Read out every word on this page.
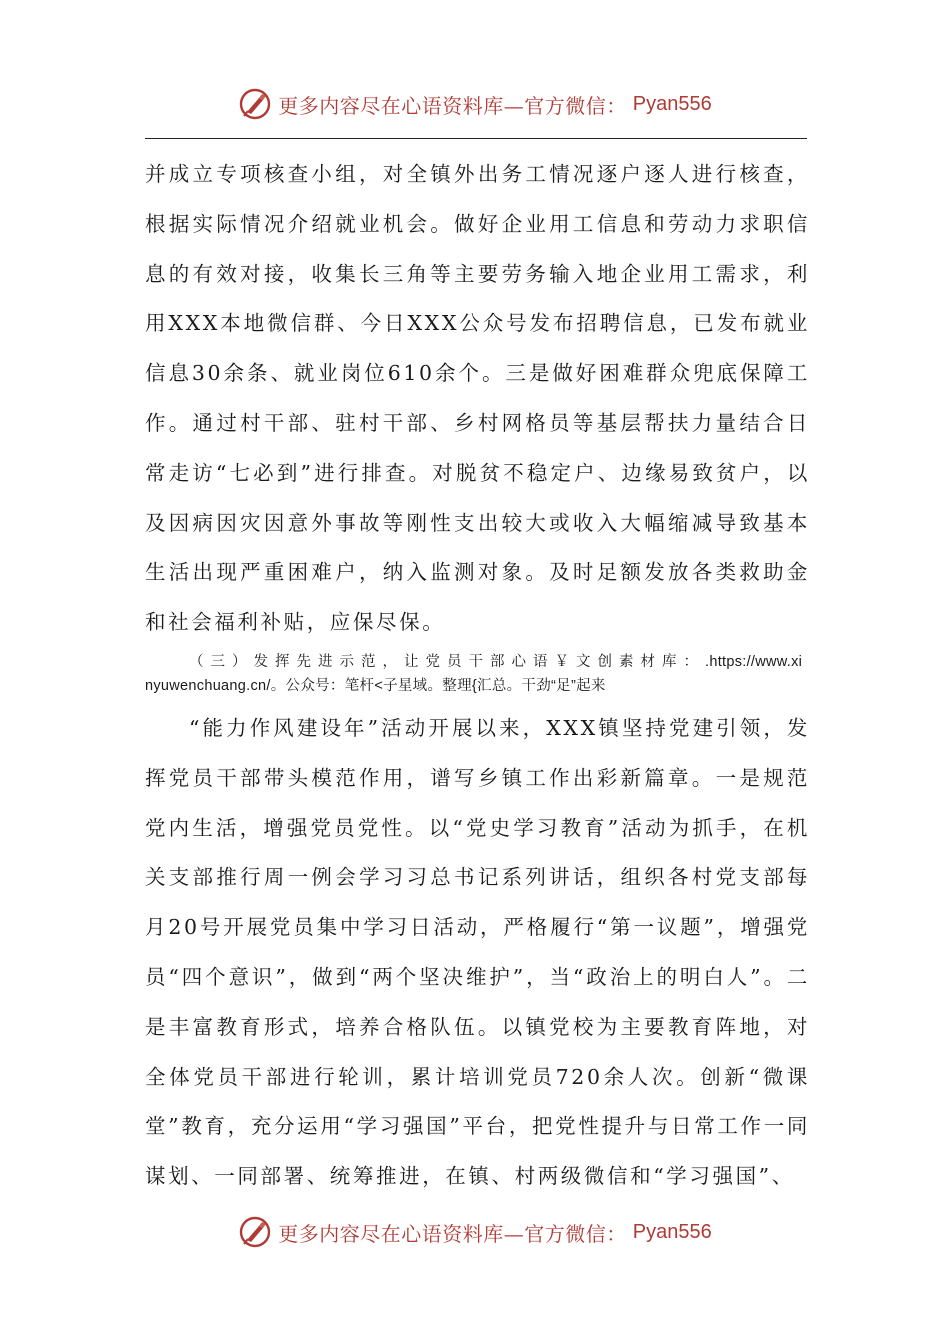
更多内容尽在心语资料库—官方微信： Pyan556

并成立专项核查小组，对全镇外出务工情况逐户逐人进行核查，根据实际情况介绍就业机会。做好企业用工信息和劳动力求职信息的有效对接，收集长三角等主要劳务输入地企业用工需求，利用XXX本地微信群、今日XXX公众号发布招聘信息，已发布就业信息30余条、就业岗位610余个。三是做好困难群众兜底保障工作。通过村干部、驻村干部、乡村网格员等基层帮扶力量结合日常走访“七必到”进行排查。对脱贫不稳定户、边缘易致贫户，以及因病因灾因意外事故等刚性支出较大或收入大幅缩减导致基本生活出现严重困难户，纳入监测对象。及时足额发放各类救助金和社会福利补贴，应保尽保。

（三）发挥先进示范，让党员干部心语￥文创素材库：.https://www.xinyuwenchuang.cn/。公众号：笔杆<子星域。整理{汇总。干劲“足”起来

“能力作风建设年”活动开展以来，XXX镇坚持党建引领，发挥党员干部带头模范作用，谱写乡镇工作出彩新篇章。一是规范党内生活，增强党员党性。以“党史学习教育”活动为抓手，在机关支部推行周一例会学习习总书记系列讲话，组织各村党支部每月20号开展党员集中学习日活动，严格履行“第一议题”，增强党员“四个意识”，做到“两个坚决维护”，当“政治上的明白人”。二是丰富教育形式，培养合格队伍。以镇党校为主要教育阵地，对全体党员干部进行轮训，累计培训党员720余人次。创新“微课堂”教育，充分运用“学习强国”平台，把党性提升与日常工作一同谋划、一同部署、统筹推进，在镇、村两级微信和“学习强国”、

更多内容尽在心语资料库—官方微信： Pyan556
